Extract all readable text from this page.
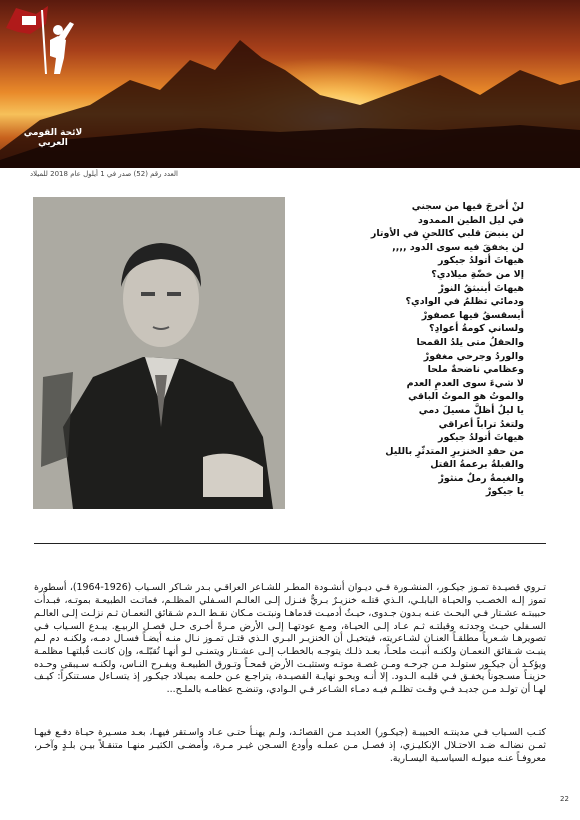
لائحة القومي العربي
العدد رقم (52) صدر في 1 أيلول عام 2018 للميلاد
لنْ أخرجَ فيها من سجني
في ليل الطين الممدود
لن ينبضَ قلبي كاللحنِ في الأوتار
لن يخفقَ فيه سوى الدود ,,,,
هيهاتَ أتولدُ جيكور
إلا من خضّةِ ميلادي؟
هيهاتَ أينبثقُ النورْ
ودمائي تظلمُ في الوادي؟
أيسقسقُ فيها عصفورْ
ولساني كومةُ أعوادِ؟
والحقلُ متى يلدُ القمحا
والوردُ وجرحي مغفورْ
وعظامي ناضحةٌ ملحا
لا شيءَ سوى العدمِ العدم
والموتُ هو الموتُ الباقي
يا ليلُ أظلَّ مسيلَ دمي
ولتغدُ تراباً أعراقي
هيهاتَ أتولدُ جيكور
من حقدِ الخنزيرِ المتدثّرِ بالليل
والقبلةُ برعمةُ القتل
والغيمةُ رملٌ منثورْ
يا جيكورْ

تـروي قصيـدة تمـوز جيكـور، المنشـورة فـي ديـوان أنشـودة المطـر للشـاعر العراقـي بـدر شـاكر السـياب (1926-1964)، أسطورة تموز إلـه الخصـب والحيـاة البابلـي، الـذي قتلـه خنزيـرٌ بـريٌّ فنـزل إلـى العالـم السـفلي المظلـم، فماتـت الطبيعـة بموتـه، فبـدأت حبيبتـه عشـتار فـي البحـث عنـه بـدون جـدوى، حيـثُ أدميـت قدماهـا ونبتـت مـكان نقـط الـدم شـقائق النعمـان ثـم نزلـت إلـى العالـم السـفلي حيـث وجدتـه وقبلتـه ثـم عـاد إلـى الحيـاة، ومـع عودتهـا إلـى الأرض مـرةً أخـرى حـل فصـل الربيـع. يبـدع السـياب فـي تصويرهـا شـعرياً مطلقـاً العنـان لشـاعريته، فيتخيـل أن الخنزيـر البـري الـذي قتـل تمـوز نـال منـه أيضـاً فسـال دمـه، ولكنـه دم لـم ينبـت شـقائق النعمـان ولكنـه أنبـت ملحـاً، بعـد ذلـك يتوجـه بالخطـاب إلـى عشـتار ويتمنـى لـو أنهـا تُقبّلـه، وإن كانـت قُبلتهـا مظلمـة ويؤكـد أن جيكـور ستولـد مـن جرحـه ومـن غصـة موتـه وستثبـت الأرض قمحـاً وتـورق الطبيعـة ويفـرح النـاس، ولكنـه سـيبقى وحـده حزينـاً مسـجوناً يخفـق فـي قلبـه الـدود. إلا أنـه وبحـو نهايـة القصيـدة، يتراجـع عـن حلمـه بميـلاد جيكـور إذ يتسـاءل مسـتنكراً: كيـف لهـا أن تولـد مـن جديـد فـي وقـت تظلـم فيـه دمـاء الشـاعر فـي الـوادي، وتنضـح عظامـه بالملـح...

كتـب السـياب فـي مدينتـه الحبيبـة (جيكـور) العديـد مـن القصائـد، ولـم يهنـأ حتـى عـاد واسـتقر فيهـا، بعـد مسـيرة حيـاة دفـع فيهـا ثمـن نضالـه ضـد الاحتـلال الإنكليـزي، إذ فصـل مـن عملـه وأودع السـجن غيـر مـرة، وأمضـى الكثيـر منهـا متنقـلاً بيـن بلـدٍ وآخـر، معروفـاً عنـه ميولـه السياسـية اليسـارية.

22
